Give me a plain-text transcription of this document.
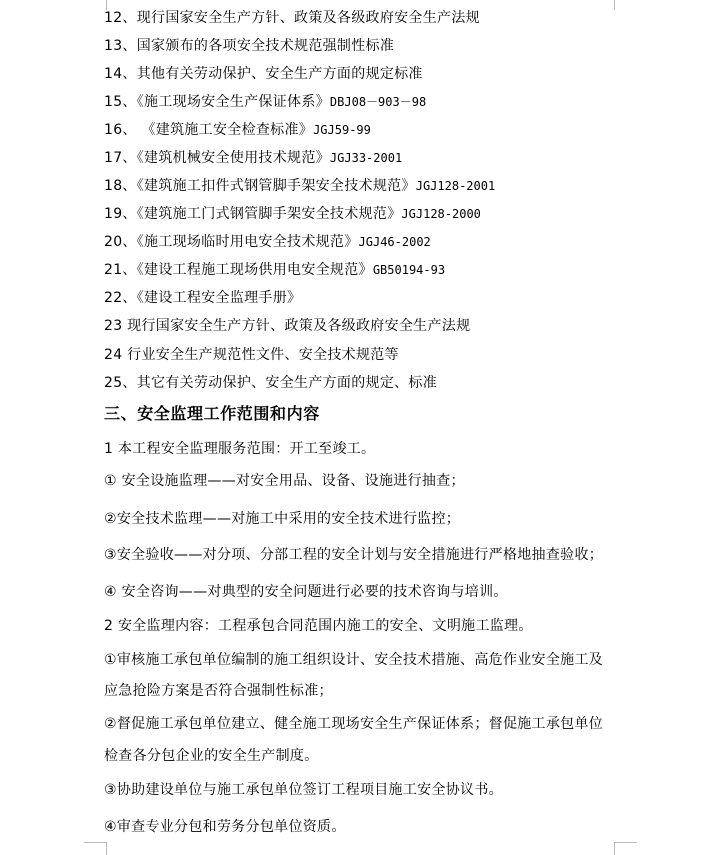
12、现行国家安全生产方针、政策及各级政府安全生产法规
13、国家颁布的各项安全技术规范强制性标准
14、其他有关劳动保护、安全生产方面的规定标准
15、《施工现场安全生产保证体系》DBJ08－903－98
16、 《建筑施工安全检查标准》JGJ59-99
17、《建筑机械安全使用技术规范》JGJ33-2001
18、《建筑施工扣件式钢管脚手架安全技术规范》JGJ128-2001
19、《建筑施工门式钢管脚手架安全技术规范》JGJ128-2000
20、《施工现场临时用电安全技术规范》JGJ46-2002
21、《建设工程施工现场供用电安全规范》GB50194-93
22、《建设工程安全监理手册》
23 现行国家安全生产方针、政策及各级政府安全生产法规
24 行业安全生产规范性文件、安全技术规范等
25、其它有关劳动保护、安全生产方面的规定、标准
三、安全监理工作范围和内容
1 本工程安全监理服务范围：开工至竣工。
① 安全设施监理——对安全用品、设备、设施进行抽查；
②安全技术监理——对施工中采用的安全技术进行监控；
③安全验收——对分项、分部工程的安全计划与安全措施进行严格地抽查验收；
④ 安全咨询——对典型的安全问题进行必要的技术咨询与培训。
2 安全监理内容：工程承包合同范围内施工的安全、文明施工监理。
①审核施工承包单位编制的施工组织设计、安全技术措施、高危作业安全施工及
应急抢险方案是否符合强制性标准；
②督促施工承包单位建立、健全施工现场安全生产保证体系；督促施工承包单位
检查各分包企业的安全生产制度。
③协助建设单位与施工承包单位签订工程项目施工安全协议书。
④审查专业分包和劳务分包单位资质。
